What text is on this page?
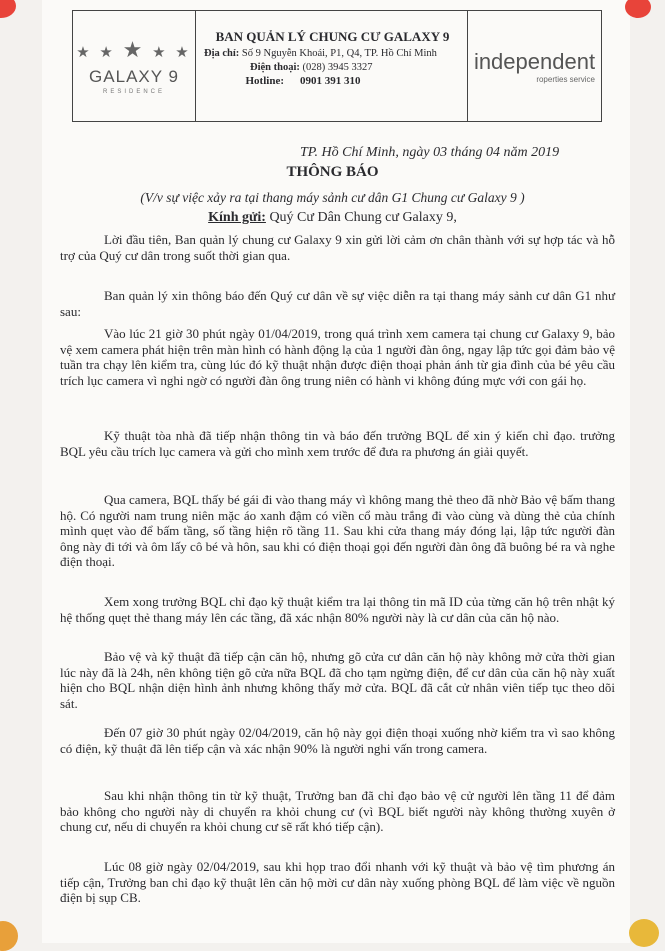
★ ★ ★ ★ ★
GALAXY 9
RESIDENCE
BAN QUẢN LÝ CHUNG CƯ GALAXY 9
Địa chỉ: Số 9 Nguyễn Khoái, P1, Q4, TP. Hồ Chí Minh
Điện thoại: (028) 3945 3327
Hotline: 0901 391 310
independent
roperties service
TP. Hồ Chí Minh, ngày 03 tháng 04 năm 2019
THÔNG BÁO
(V/v sự việc xảy ra tại thang máy sảnh cư dân G1 Chung cư Galaxy 9 )
Kính gửi: Quý Cư Dân Chung cư Galaxy 9,
Lời đầu tiên, Ban quản lý chung cư Galaxy 9 xin gửi lời cảm ơn chân thành với sự hợp tác và hỗ trợ của Quý cư dân trong suốt thời gian qua.
Ban quản lý xin thông báo đến Quý cư dân về sự việc diễn ra tại thang máy sảnh cư dân G1 như sau:
Vào lúc 21 giờ 30 phút ngày 01/04/2019, trong quá trình xem camera tại chung cư Galaxy 9, bảo vệ xem camera phát hiện trên màn hình có hành động lạ của 1 người đàn ông, ngay lập tức gọi đảm bảo vệ tuần tra chạy lên kiểm tra, cùng lúc đó kỹ thuật nhận được điện thoại phản ánh từ gia đình của bé yêu cầu trích lục camera vì nghi ngờ có người đàn ông trung niên có hành vi không đúng mực với con gái họ.
Kỹ thuật tòa nhà đã tiếp nhận thông tin và báo đến trưởng BQL để xin ý kiến chỉ đạo. trưởng BQL yêu cầu trích lục camera và gửi cho mình xem trước để đưa ra phương án giải quyết.
Qua camera, BQL thấy bé gái đi vào thang máy vì không mang thẻ theo đã nhờ Bảo vệ bấm thang hộ. Có người nam trung niên mặc áo xanh đậm có viền cổ màu trắng đi vào cùng và dùng thẻ của chính mình quẹt vào để bấm tầng, số tầng hiện rõ tầng 11. Sau khi cửa thang máy đóng lại, lập tức người đàn ông này đi tới và ôm lấy cô bé và hôn, sau khi có điện thoại gọi đến người đàn ông đã buông bé ra và nghe điện thoại.
Xem xong trưởng BQL chỉ đạo kỹ thuật kiểm tra lại thông tin mã ID của từng căn hộ trên nhật ký hệ thống quẹt thẻ thang máy lên các tầng, đã xác nhận 80% người này là cư dân của căn hộ nào.
Bảo vệ và kỹ thuật đã tiếp cận căn hộ, nhưng gõ cửa cư dân căn hộ này không mở cửa thời gian lúc này đã là 24h, nên không tiện gõ cửa nữa BQL đã cho tạm ngừng điện, để cư dân của căn hộ này xuất hiện cho BQL nhận diện hình ảnh nhưng không thấy mở cửa. BQL đã cắt cử nhân viên tiếp tục theo dõi sát.
Đến 07 giờ 30 phút ngày 02/04/2019, căn hộ này gọi điện thoại xuống nhờ kiểm tra vì sao không có điện, kỹ thuật đã lên tiếp cận và xác nhận 90% là người nghi vấn trong camera.
Sau khi nhận thông tin từ kỹ thuật, Trưởng ban đã chỉ đạo bảo vệ cử người lên tầng 11 để đảm bảo không cho người này di chuyển ra khỏi chung cư (vì BQL biết người này không thường xuyên ở chung cư, nếu di chuyển ra khỏi chung cư sẽ rất khó tiếp cận).
Lúc 08 giờ ngày 02/04/2019, sau khi họp trao đổi nhanh với kỹ thuật và bảo vệ tìm phương án tiếp cận, Trưởng ban chỉ đạo kỹ thuật lên căn hộ mời cư dân này xuống phòng BQL để làm việc về nguồn điện bị sụp CB.
